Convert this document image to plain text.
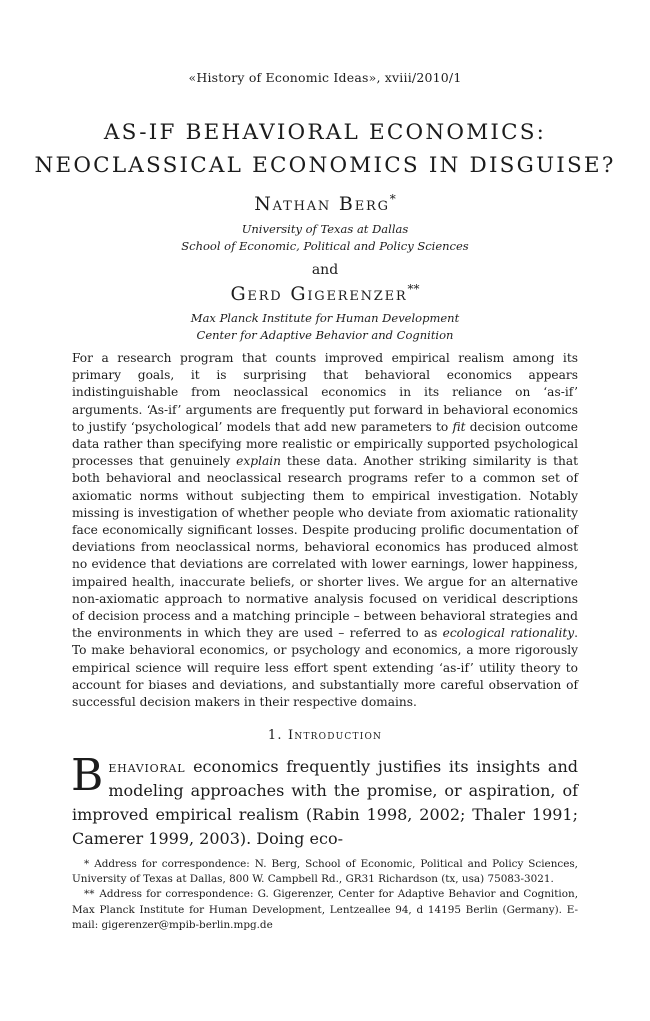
«History of Economic Ideas», xviii/2010/1
AS-IF BEHAVIORAL ECONOMICS:
NEOCLASSICAL ECONOMICS IN DISGUISE?
Nathan Berg*
University of Texas at Dallas
School of Economic, Political and Policy Sciences
and
Gerd Gigerenzer**
Max Planck Institute for Human Development
Center for Adaptive Behavior and Cognition

For a research program that counts improved empirical realism among its primary goals, it is surprising that behavioral economics appears indistinguishable from neoclassical economics in its reliance on ‘as-if’ arguments. ‘As-if’ arguments are frequently put forward in behavioral economics to justify ‘psychological’ models that add new parameters to fit decision outcome data rather than specifying more realistic or empirically supported psychological processes that genuinely explain these data. Another striking similarity is that both behavioral and neoclassical research programs refer to a common set of axiomatic norms without subjecting them to empirical investigation. Notably missing is investigation of whether people who deviate from axiomatic rationality face economically significant losses. Despite producing prolific documentation of deviations from neoclassical norms, behavioral economics has produced almost no evidence that deviations are correlated with lower earnings, lower happiness, impaired health, inaccurate beliefs, or shorter lives. We argue for an alternative non-axiomatic approach to normative analysis focused on veridical descriptions of decision process and a matching principle – between behavioral strategies and the environments in which they are used – referred to as ecological rationality. To make behavioral economics, or psychology and economics, a more rigorously empirical science will require less effort spent extending ‘as-if’ utility theory to account for biases and deviations, and substantially more careful observation of successful decision makers in their respective domains.

1. Introduction

Behavioral economics frequently justifies its insights and modeling approaches with the promise, or aspiration, of improved empirical realism (Rabin 1998, 2002; Thaler 1991; Camerer 1999, 2003). Doing eco-

* Address for correspondence: N. Berg, School of Economic, Political and Policy Sciences, University of Texas at Dallas, 800 W. Campbell Rd., GR31 Richardson (tx, usa) 75083-3021.

** Address for correspondence: G. Gigerenzer, Center for Adaptive Behavior and Cognition, Max Planck Institute for Human Development, Lentzeallee 94, d 14195 Berlin (Germany). E-mail: gigerenzer@mpib-berlin.mpg.de
